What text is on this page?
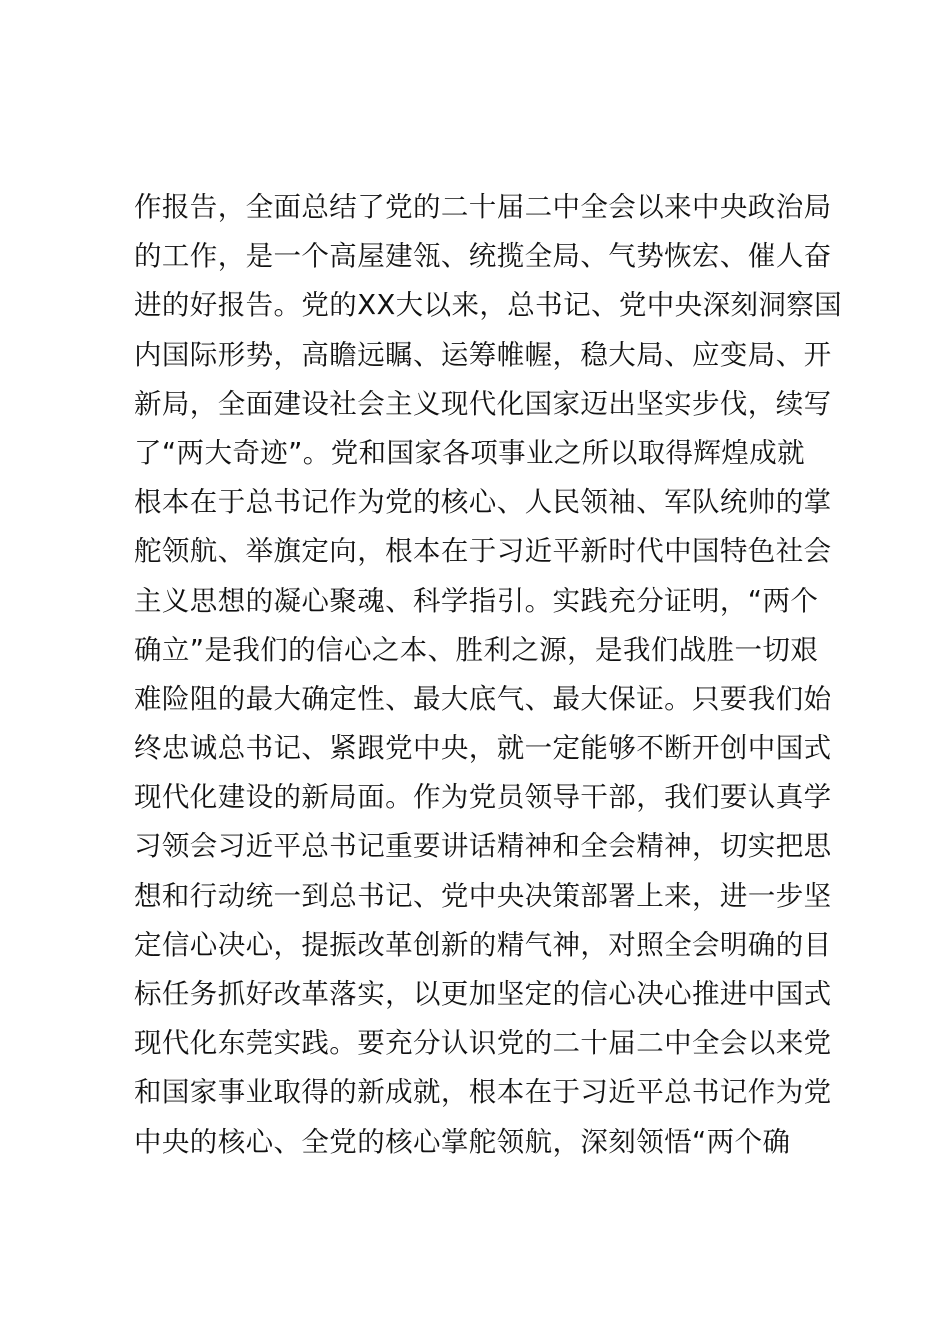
作报告，全面总结了党的二十届二中全会以来中央政治局
的工作，是一个高屋建瓴、统揽全局、气势恢宏、催人奋
进的好报告。党的XX大以来，总书记、党中央深刻洞察国
内国际形势，高瞻远瞩、运筹帷幄，稳大局、应变局、开
新局，全面建设社会主义现代化国家迈出坚实步伐，续写
了“两大奇迹”。党和国家各项事业之所以取得辉煌成就
根本在于总书记作为党的核心、人民领袖、军队统帅的掌
舵领航、举旗定向，根本在于习近平新时代中国特色社会
主义思想的凝心聚魂、科学指引。实践充分证明，“两个
确立”是我们的信心之本、胜利之源，是我们战胜一切艰
难险阻的最大确定性、最大底气、最大保证。只要我们始
终忠诚总书记、紧跟党中央，就一定能够不断开创中国式
现代化建设的新局面。作为党员领导干部，我们要认真学
习领会习近平总书记重要讲话精神和全会精神，切实把思
想和行动统一到总书记、党中央决策部署上来，进一步坚
定信心决心，提振改革创新的精气神，对照全会明确的目
标任务抓好改革落实，以更加坚定的信心决心推进中国式
现代化东莞实践。要充分认识党的二十届二中全会以来党
和国家事业取得的新成就，根本在于习近平总书记作为党
中央的核心、全党的核心掌舵领航，深刻领悟“两个确
